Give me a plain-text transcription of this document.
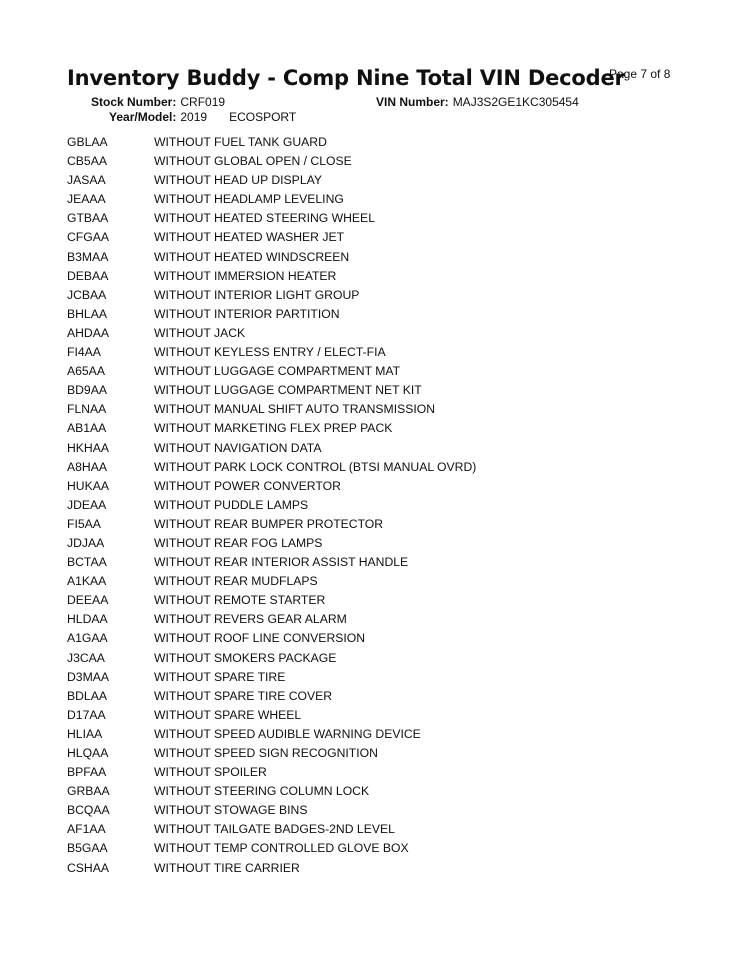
Inventory Buddy - Comp Nine Total VIN Decoder
Page 7 of 8
Stock Number: CRF019	VIN Number: MAJ3S2GE1KC305454
Year/Model: 2019 ECOSPORT
GBLAA	WITHOUT FUEL TANK GUARD
CB5AA	WITHOUT GLOBAL OPEN / CLOSE
JASAA	WITHOUT HEAD UP DISPLAY
JEAAA	WITHOUT HEADLAMP LEVELING
GTBAA	WITHOUT HEATED STEERING WHEEL
CFGAA	WITHOUT HEATED WASHER JET
B3MAA	WITHOUT HEATED WINDSCREEN
DEBAA	WITHOUT IMMERSION HEATER
JCBAA	WITHOUT INTERIOR LIGHT GROUP
BHLAA	WITHOUT INTERIOR PARTITION
AHDAA	WITHOUT JACK
FI4AA	WITHOUT KEYLESS ENTRY / ELECT-FIA
A65AA	WITHOUT LUGGAGE COMPARTMENT MAT
BD9AA	WITHOUT LUGGAGE COMPARTMENT NET KIT
FLNAA	WITHOUT MANUAL SHIFT AUTO TRANSMISSION
AB1AA	WITHOUT MARKETING FLEX PREP PACK
HKHAA	WITHOUT NAVIGATION DATA
A8HAA	WITHOUT PARK LOCK CONTROL (BTSI MANUAL OVRD)
HUKAA	WITHOUT POWER CONVERTOR
JDEAA	WITHOUT PUDDLE LAMPS
FI5AA	WITHOUT REAR BUMPER PROTECTOR
JDJAA	WITHOUT REAR FOG LAMPS
BCTAA	WITHOUT REAR INTERIOR ASSIST HANDLE
A1KAA	WITHOUT REAR MUDFLAPS
DEEAA	WITHOUT REMOTE STARTER
HLDAA	WITHOUT REVERS GEAR ALARM
A1GAA	WITHOUT ROOF LINE CONVERSION
J3CAA	WITHOUT SMOKERS PACKAGE
D3MAA	WITHOUT SPARE TIRE
BDLAA	WITHOUT SPARE TIRE COVER
D17AA	WITHOUT SPARE WHEEL
HLIAA	WITHOUT SPEED AUDIBLE WARNING DEVICE
HLQAA	WITHOUT SPEED SIGN RECOGNITION
BPFAA	WITHOUT SPOILER
GRBAA	WITHOUT STEERING COLUMN LOCK
BCQAA	WITHOUT STOWAGE BINS
AF1AA	WITHOUT TAILGATE BADGES-2ND LEVEL
B5GAA	WITHOUT TEMP CONTROLLED GLOVE BOX
CSHAA	WITHOUT TIRE CARRIER
